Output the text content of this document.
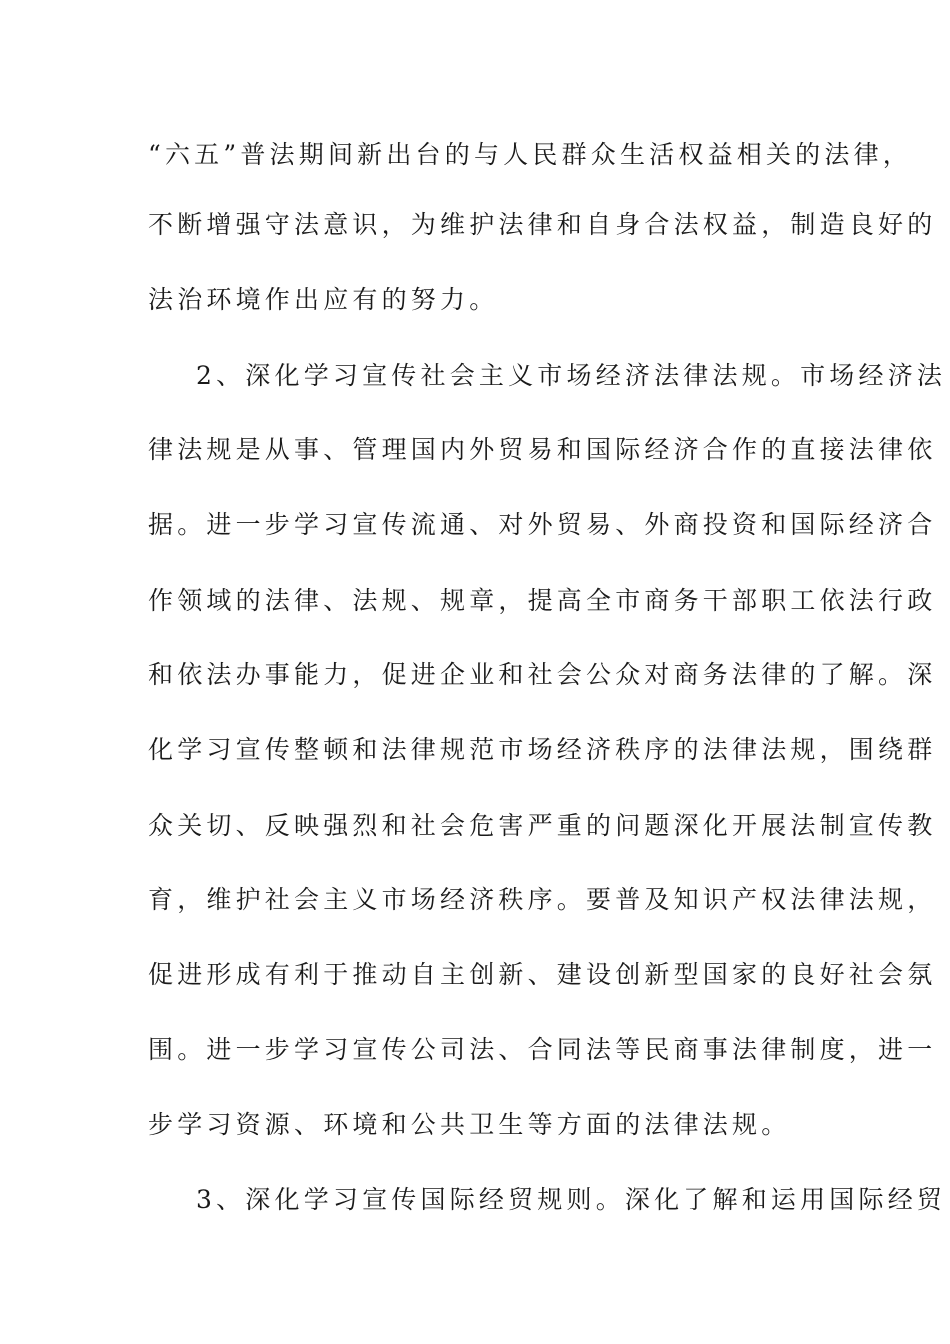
“六五”普法期间新出台的与人民群众生活权益相关的法律，
不断增强守法意识，为维护法律和自身合法权益，制造良好的
法治环境作出应有的努力。
2、深化学习宣传社会主义市场经济法律法规。市场经济法
律法规是从事、管理国内外贸易和国际经济合作的直接法律依
据。进一步学习宣传流通、对外贸易、外商投资和国际经济合
作领域的法律、法规、规章，提高全市商务干部职工依法行政
和依法办事能力，促进企业和社会公众对商务法律的了解。深
化学习宣传整顿和法律规范市场经济秩序的法律法规，围绕群
众关切、反映强烈和社会危害严重的问题深化开展法制宣传教
育，维护社会主义市场经济秩序。要普及知识产权法律法规，
促进形成有利于推动自主创新、建设创新型国家的良好社会氛
围。进一步学习宣传公司法、合同法等民商事法律制度，进一
步学习资源、环境和公共卫生等方面的法律法规。
3、深化学习宣传国际经贸规则。深化了解和运用国际经贸
